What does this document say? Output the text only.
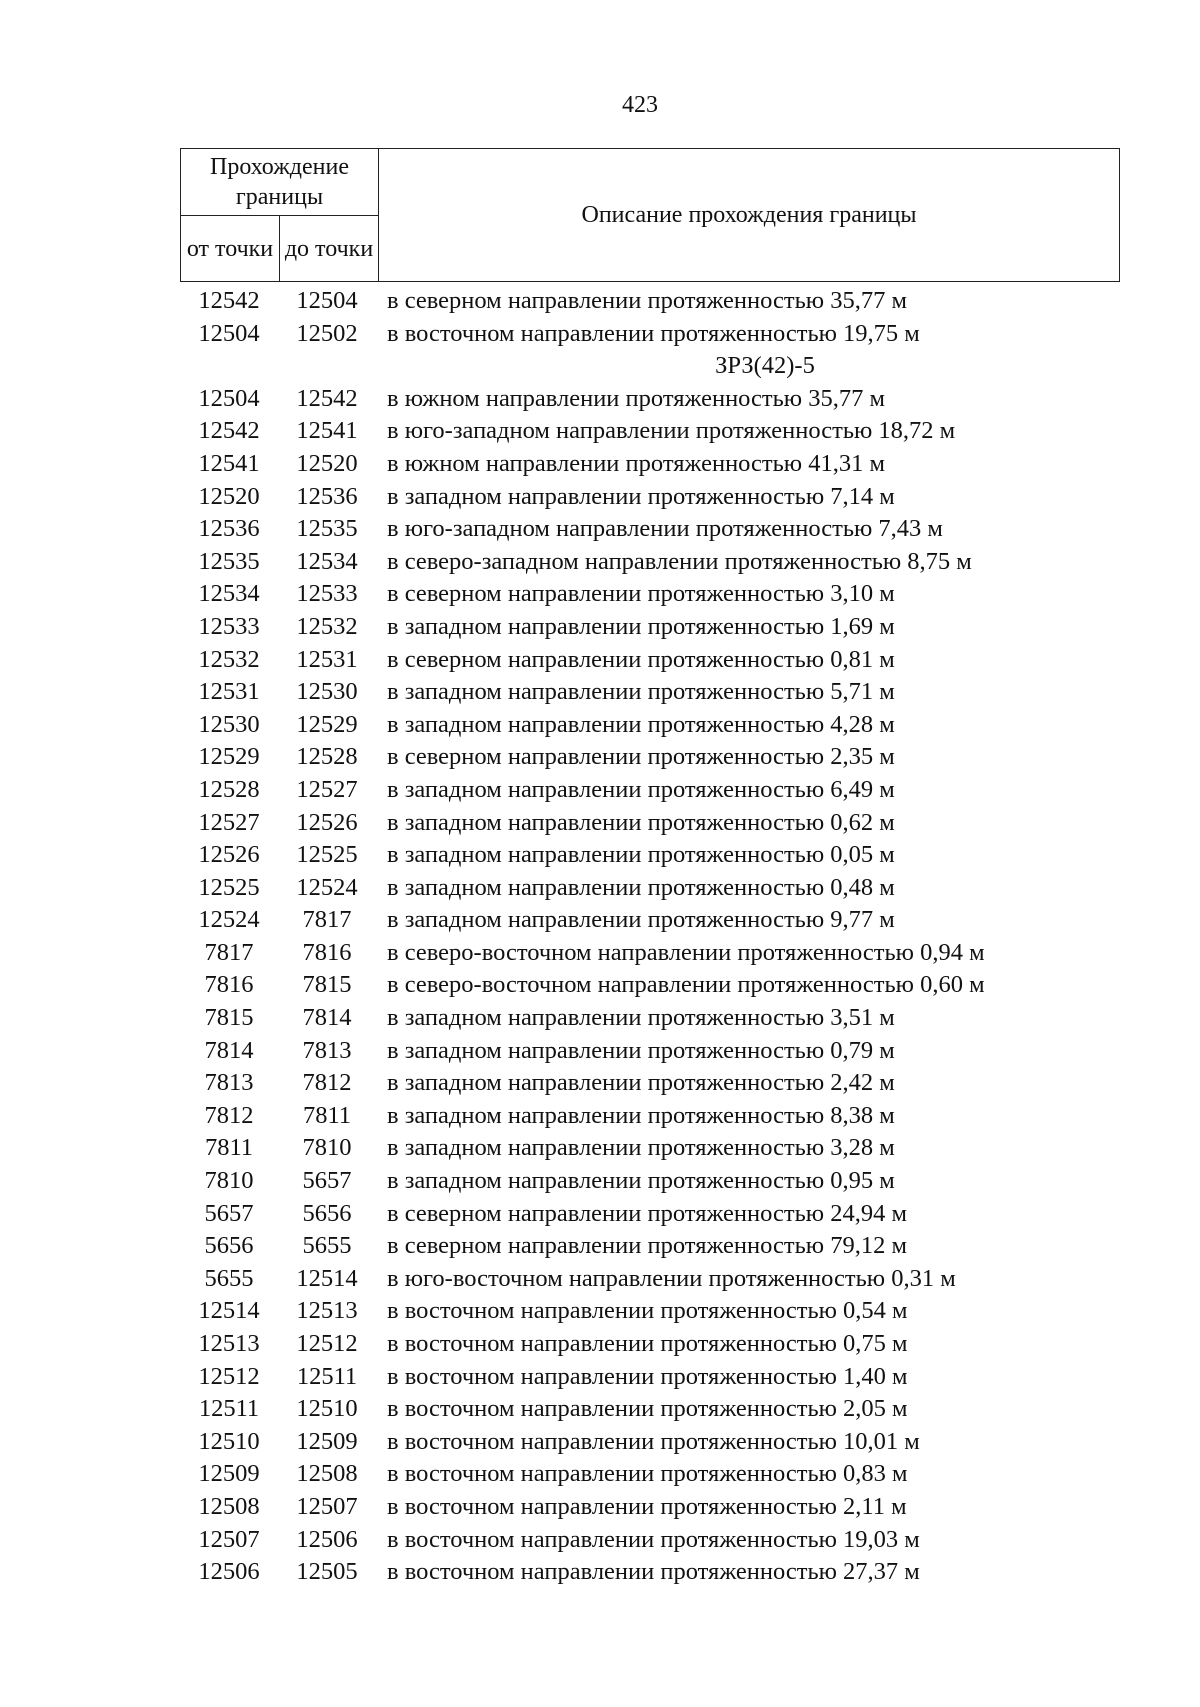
423
Прохождение границы		Описание прохождения границы
от точки	до точки	
12542	12504	в северном направлении протяженностью 35,77 м
12504	12502	в восточном направлении протяженностью 19,75 м
ЗРЗ(42)-5
12504	12542	в южном направлении протяженностью 35,77 м
12542	12541	в юго-западном направлении протяженностью 18,72 м
12541	12520	в южном направлении протяженностью 41,31 м
12520	12536	в западном направлении протяженностью 7,14 м
12536	12535	в юго-западном направлении протяженностью 7,43 м
12535	12534	в северо-западном направлении протяженностью 8,75 м
12534	12533	в северном направлении протяженностью 3,10 м
12533	12532	в западном направлении протяженностью 1,69 м
12532	12531	в северном направлении протяженностью 0,81 м
12531	12530	в западном направлении протяженностью 5,71 м
12530	12529	в западном направлении протяженностью 4,28 м
12529	12528	в северном направлении протяженностью 2,35 м
12528	12527	в западном направлении протяженностью 6,49 м
12527	12526	в западном направлении протяженностью 0,62 м
12526	12525	в западном направлении протяженностью 0,05 м
12525	12524	в западном направлении протяженностью 0,48 м
12524	7817	в западном направлении протяженностью 9,77 м
7817	7816	в северо-восточном направлении протяженностью 0,94 м
7816	7815	в северо-восточном направлении протяженностью 0,60 м
7815	7814	в западном направлении протяженностью 3,51 м
7814	7813	в западном направлении протяженностью 0,79 м
7813	7812	в западном направлении протяженностью 2,42 м
7812	7811	в западном направлении протяженностью 8,38 м
7811	7810	в западном направлении протяженностью 3,28 м
7810	5657	в западном направлении протяженностью 0,95 м
5657	5656	в северном направлении протяженностью 24,94 м
5656	5655	в северном направлении протяженностью 79,12 м
5655	12514	в юго-восточном направлении протяженностью 0,31 м
12514	12513	в восточном направлении протяженностью 0,54 м
12513	12512	в восточном направлении протяженностью 0,75 м
12512	12511	в восточном направлении протяженностью 1,40 м
12511	12510	в восточном направлении протяженностью 2,05 м
12510	12509	в восточном направлении протяженностью 10,01 м
12509	12508	в восточном направлении протяженностью 0,83 м
12508	12507	в восточном направлении протяженностью 2,11 м
12507	12506	в восточном направлении протяженностью 19,03 м
12506	12505	в восточном направлении протяженностью 27,37 м
